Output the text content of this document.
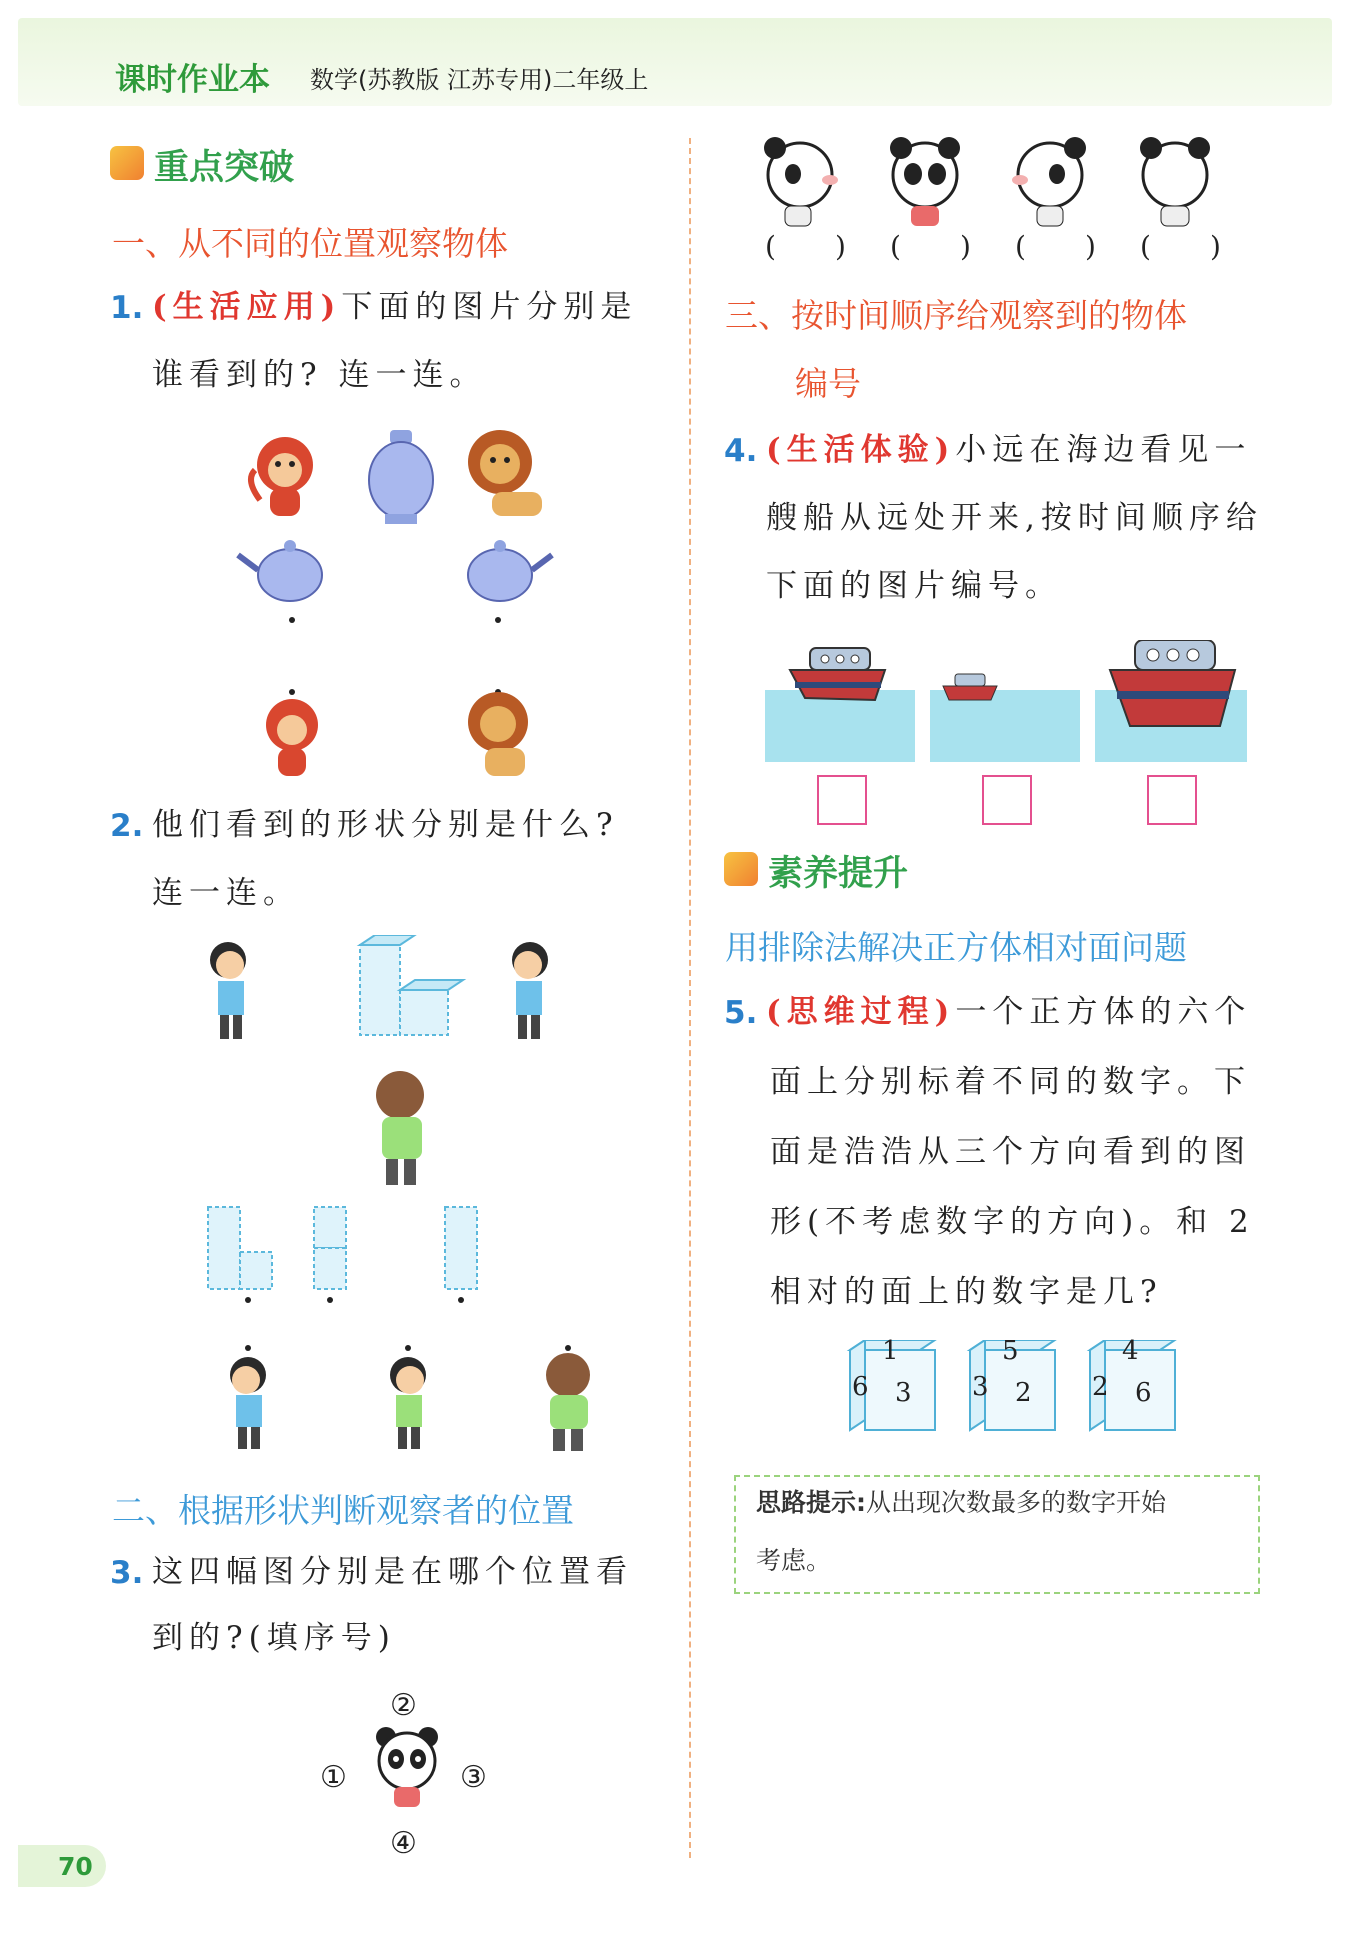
课时作业本 数学(苏教版 江苏专用)二年级上
重点突破
一、从不同的位置观察物体
1. (生活应用)下面的图片分别是
谁看到的? 连一连。
2. 他们看到的形状分别是什么?
连一连。
二、根据形状判断观察者的位置
3. 这四幅图分别是在哪个位置看
到的?(填序号)
②
①	③
④
( ) ( ) ( ) ( )
三、按时间顺序给观察到的物体
编号
4. (生活体验)小远在海边看见一
艘船从远处开来,按时间顺序给
下面的图片编号。
素养提升
用排除法解决正方体相对面问题
5. (思维过程)一个正方体的六个
面上分别标着不同的数字。下
面是浩浩从三个方向看到的图
形(不考虑数字的方向)。和 2
相对的面上的数字是几?
1
6 3
5
3 2
4
2 6
思路提示:从出现次数最多的数字开始
考虑。
70
